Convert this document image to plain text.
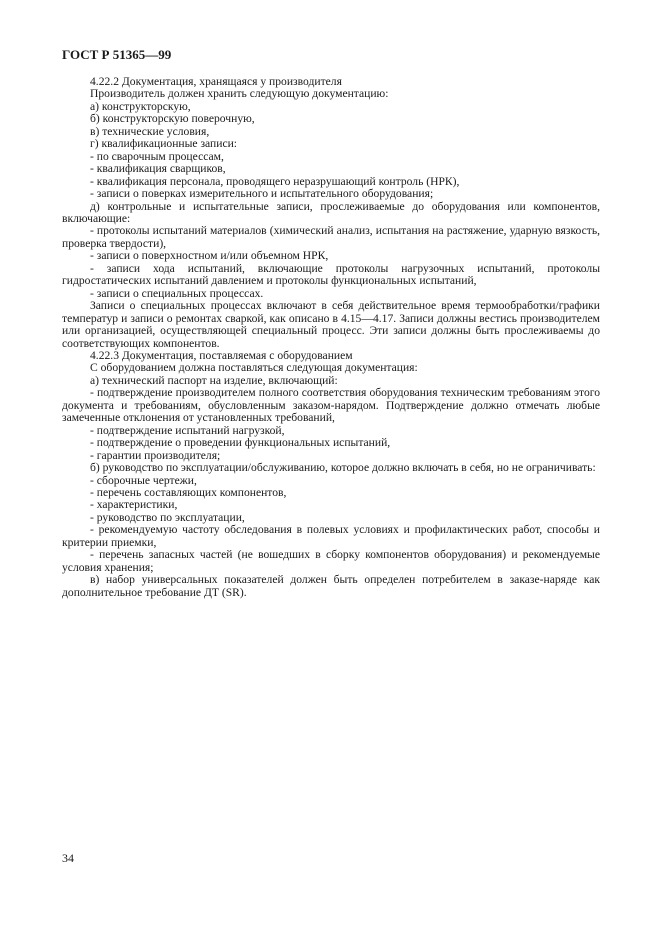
ГОСТ Р 51365—99

4.22.2 Документация, хранящаяся у производителя

Производитель должен хранить следующую документацию:

а) конструкторскую,

б) конструкторскую поверочную,

в) технические условия,

г) квалификационные записи:

- по сварочным процессам,

- квалификация сварщиков,

- квалификация персонала, проводящего неразрушающий контроль (НРК),

- записи о поверках измерительного и испытательного оборудования;

д) контрольные и испытательные записи, прослеживаемые до оборудования или компонентов, включающие:

- протоколы испытаний материалов (химический анализ, испытания на растяжение, ударную вязкость, проверка твердости),

- записи о поверхностном и/или объемном НРК,

- записи хода испытаний, включающие протоколы нагрузочных испытаний, протоколы гидростатических испытаний давлением и протоколы функциональных испытаний,

- записи о специальных процессах.

Записи о специальных процессах включают в себя действительное время термообработки/графики температур и записи о ремонтах сваркой, как описано в 4.15—4.17. Записи должны вестись производителем или организацией, осуществляющей специальный процесс. Эти записи должны быть прослеживаемы до соответствующих компонентов.

4.22.3 Документация, поставляемая с оборудованием

С оборудованием должна поставляться следующая документация:

а) технический паспорт на изделие, включающий:

- подтверждение производителем полного соответствия оборудования техническим требованиям этого документа и требованиям, обусловленным заказом-нарядом. Подтверждение должно отмечать любые замеченные отклонения от установленных требований,

- подтверждение испытаний нагрузкой,

- подтверждение о проведении функциональных испытаний,

- гарантии производителя;

б) руководство по эксплуатации/обслуживанию, которое должно включать в себя, но не ограничивать:

- сборочные чертежи,

- перечень составляющих компонентов,

- характеристики,

- руководство по эксплуатации,

- рекомендуемую частоту обследования в полевых условиях и профилактических работ, способы и критерии приемки,

- перечень запасных частей (не вошедших в сборку компонентов оборудования) и рекомендуемые условия хранения;

в) набор универсальных показателей должен быть определен потребителем в заказе-наряде как дополнительное требование ДТ (SR).

34
